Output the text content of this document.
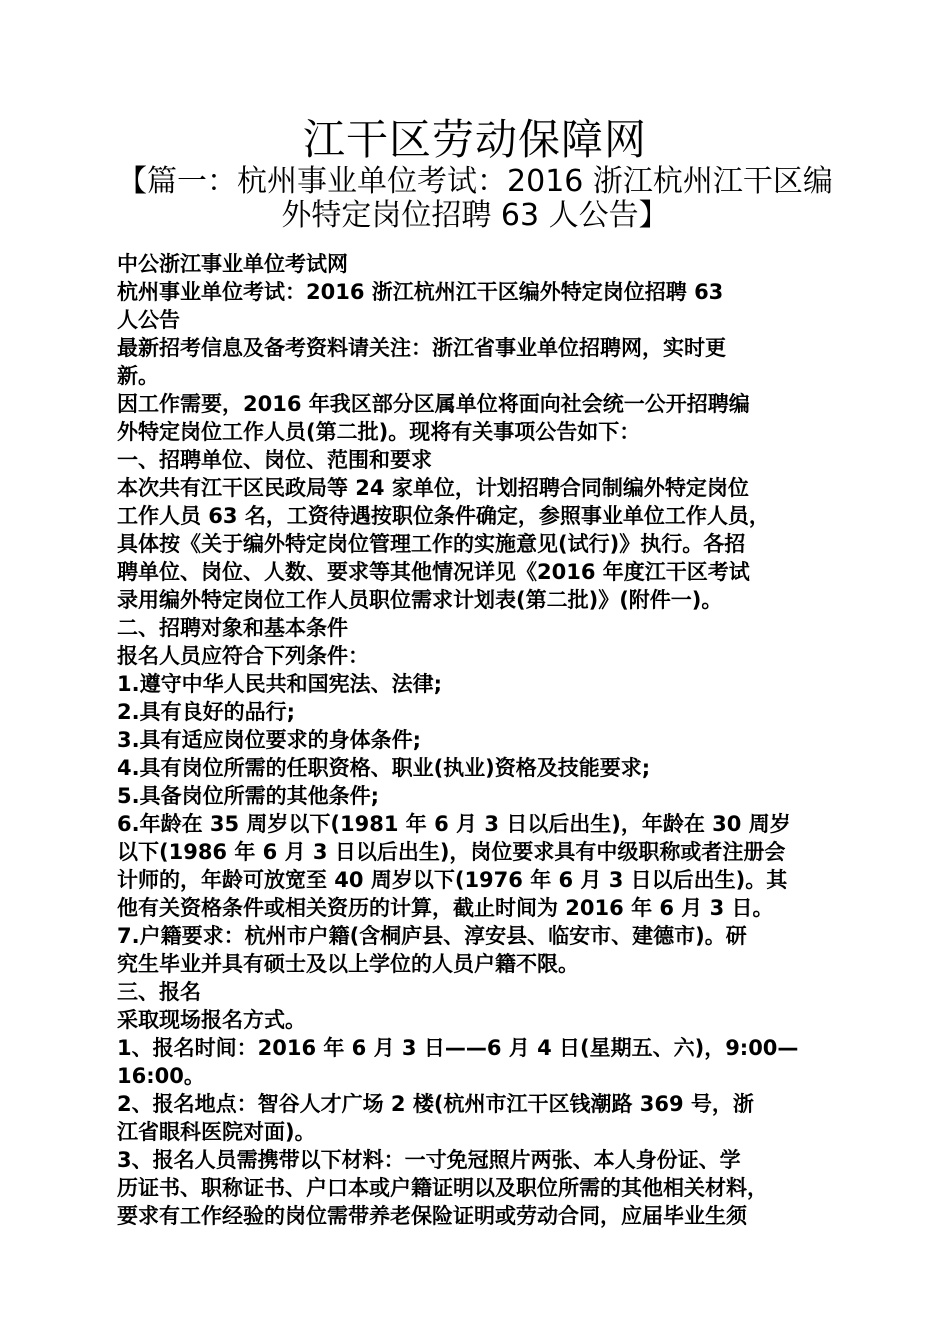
江干区劳动保障网
【篇一：杭州事业单位考试：2016 浙江杭州江干区编
外特定岗位招聘 63 人公告】
中公浙江事业单位考试网
杭州事业单位考试：2016 浙江杭州江干区编外特定岗位招聘 63
人公告
最新招考信息及备考资料请关注：浙江省事业单位招聘网，实时更
新。
因工作需要，2016 年我区部分区属单位将面向社会统一公开招聘编
外特定岗位工作人员(第二批)。现将有关事项公告如下：
一、招聘单位、岗位、范围和要求
本次共有江干区民政局等 24 家单位，计划招聘合同制编外特定岗位
工作人员 63 名，工资待遇按职位条件确定，参照事业单位工作人员，
具体按《关于编外特定岗位管理工作的实施意见(试行)》执行。各招
聘单位、岗位、人数、要求等其他情况详见《2016 年度江干区考试
录用编外特定岗位工作人员职位需求计划表(第二批)》(附件一)。
二、招聘对象和基本条件
报名人员应符合下列条件：
1.遵守中华人民共和国宪法、法律;
2.具有良好的品行;
3.具有适应岗位要求的身体条件;
4.具有岗位所需的任职资格、职业(执业)资格及技能要求;
5.具备岗位所需的其他条件;
6.年龄在 35 周岁以下(1981 年 6 月 3 日以后出生)，年龄在 30 周岁
以下(1986 年 6 月 3 日以后出生)，岗位要求具有中级职称或者注册会
计师的，年龄可放宽至 40 周岁以下(1976 年 6 月 3 日以后出生)。其
他有关资格条件或相关资历的计算，截止时间为 2016 年 6 月 3 日。
7.户籍要求：杭州市户籍(含桐庐县、淳安县、临安市、建德市)。研
究生毕业并具有硕士及以上学位的人员户籍不限。
三、报名
采取现场报名方式。
1、报名时间：2016 年 6 月 3 日——6 月 4 日(星期五、六)，9:00—
16:00。
2、报名地点：智谷人才广场 2 楼(杭州市江干区钱潮路 369 号，浙
江省眼科医院对面)。
3、报名人员需携带以下材料：一寸免冠照片两张、本人身份证、学
历证书、职称证书、户口本或户籍证明以及职位所需的其他相关材料，
要求有工作经验的岗位需带养老保险证明或劳动合同，应届毕业生须
